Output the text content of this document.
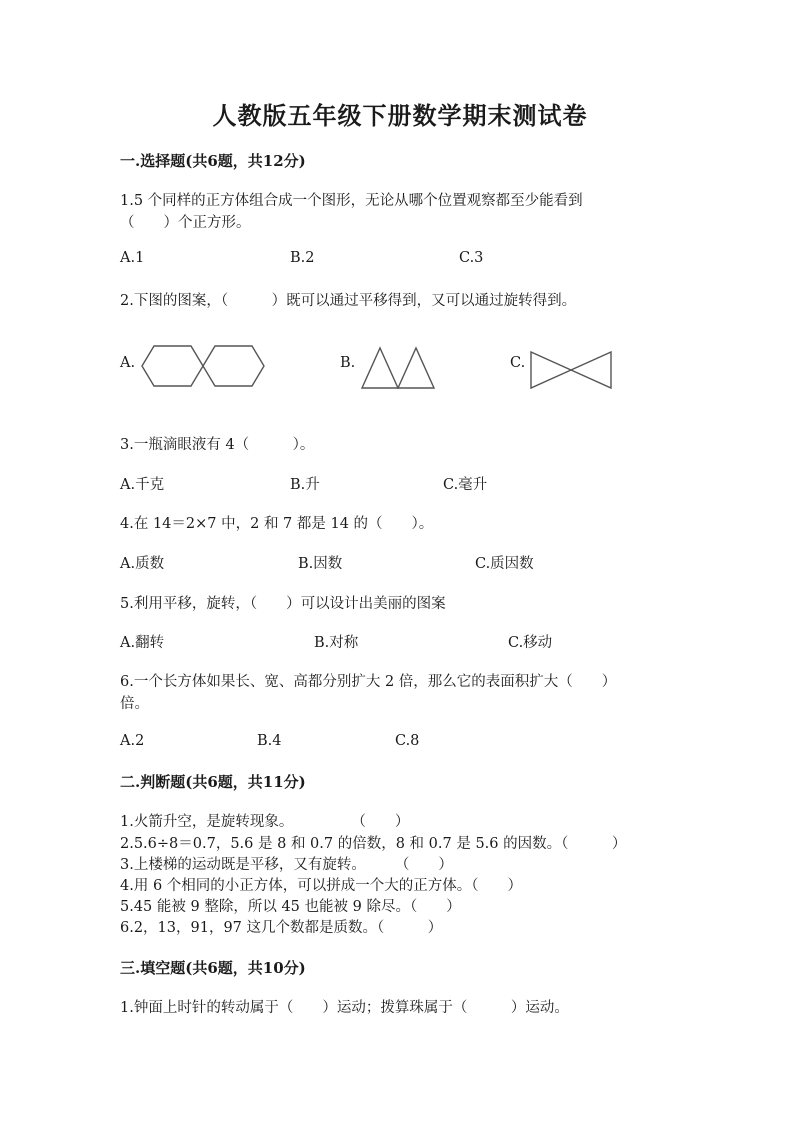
人教版五年级下册数学期末测试卷
一.选择题(共6题，共12分)
1.5 个同样的正方体组合成一个图形，无论从哪个位置观察都至少能看到
（　　）个正方形。
A.1	B.2	C.3
2.下图的图案，（　　　）既可以通过平移得到，又可以通过旋转得到。
A.	B.	C.
3.一瓶滴眼液有 4（　　　）。
A.千克	B.升	C.毫升
4.在 14＝2×7 中，2 和 7 都是 14 的（　　）。
A.质数	B.因数	C.质因数
5.利用平移，旋转，（　　）可以设计出美丽的图案
A.翻转	B.对称	C.移动
6.一个长方体如果长、宽、高都分别扩大 2 倍，那么它的表面积扩大（　　）
倍。
A.2	B.4	C.8
二.判断题(共6题，共11分)
1.火箭升空，是旋转现象。　　　　　（　　）
2.5.6÷8＝0.7，5.6 是 8 和 0.7 的倍数，8 和 0.7 是 5.6 的因数。（　　　）
3.上楼梯的运动既是平移，又有旋转。　　　（　　）
4.用 6 个相同的小正方体，可以拼成一个大的正方体。（　　）
5.45 能被 9 整除，所以 45 也能被 9 除尽。（　　）
6.2，13，91，97 这几个数都是质数。（　　　）
三.填空题(共6题，共10分)
1.钟面上时针的转动属于（　　）运动；拨算珠属于（　　　）运动。
